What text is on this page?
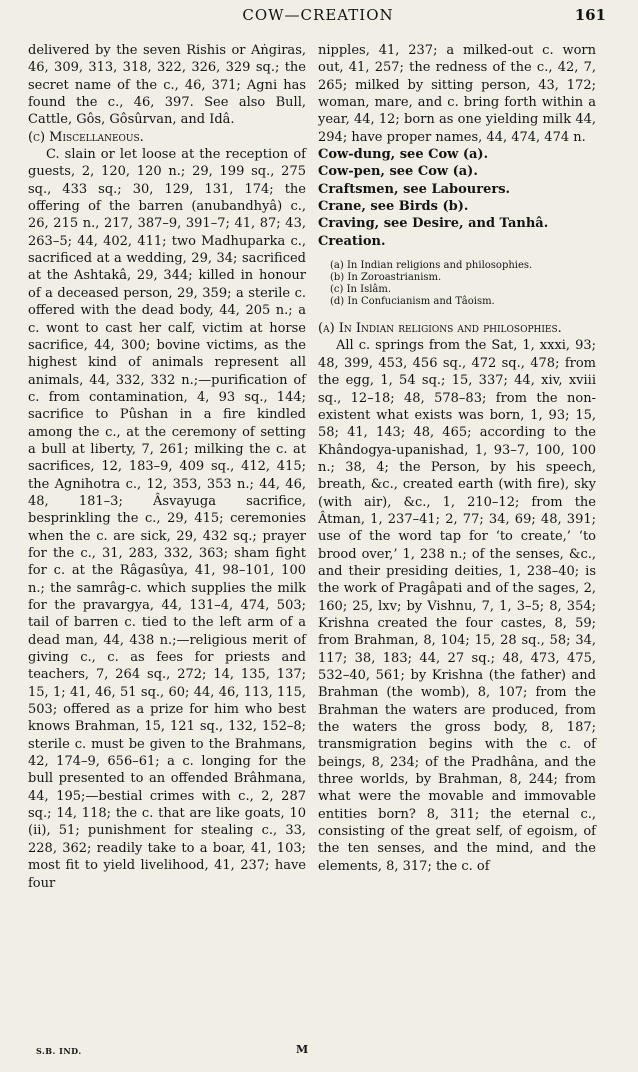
COW—CREATION	161

delivered by the seven Rishis or Aṅgiras, 46, 309, 313, 318, 322, 326, 329 sq.; the secret name of the c., 46, 371; Agni has found the c., 46, 397. See also Bull, Cattle, Gôs, Gôsûrvan, and Idâ.

(c) Miscellaneous.

C. slain or let loose at the reception of guests, 2, 120, 120 n.; 29, 199 sq., 275 sq., 433 sq.; 30, 129, 131, 174; the offering of the barren (anubandhyâ) c., 26, 215 n., 217, 387–9, 391–7; 41, 87; 43, 263–5; 44, 402, 411; two Madhuparka c., sacrificed at a wedding, 29, 34; sacrificed at the Ashtakâ, 29, 344; killed in honour of a deceased person, 29, 359; a sterile c. offered with the dead body, 44, 205 n.; a c. wont to cast her calf, victim at horse sacrifice, 44, 300; bovine victims, as the highest kind of animals represent all animals, 44, 332, 332 n.;—purification of c. from contamination, 4, 93 sq., 144; sacrifice to Pûshan in a fire kindled among the c., at the ceremony of setting a bull at liberty, 7, 261; milking the c. at sacrifices, 12, 183–9, 409 sq., 412, 415; the Agnihotra c., 12, 353, 353 n.; 44, 46, 48, 181–3; Âsvayuga sacrifice, besprinkling the c., 29, 415; ceremonies when the c. are sick, 29, 432 sq.; prayer for the c., 31, 283, 332, 363; sham fight for c. at the Râgasûya, 41, 98–101, 100 n.; the samrâg-c. which supplies the milk for the pravargya, 44, 131–4, 474, 503; tail of barren c. tied to the left arm of a dead man, 44, 438 n.;—religious merit of giving c., c. as fees for priests and teachers, 7, 264 sq., 272; 14, 135, 137; 15, 1; 41, 46, 51 sq., 60; 44, 46, 113, 115, 503; offered as a prize for him who best knows Brahman, 15, 121 sq., 132, 152–8; sterile c. must be given to the Brahmans, 42, 174–9, 656–61; a c. longing for the bull presented to an offended Brâhmana, 44, 195;—bestial crimes with c., 2, 287 sq.; 14, 118; the c. that are like goats, 10 (ii), 51; punishment for stealing c., 33, 228, 362; readily take to a boar, 41, 103; most fit to yield livelihood, 41, 237; have four

nipples, 41, 237; a milked-out c. worn out, 41, 257; the redness of the c., 42, 7, 265; milked by sitting person, 43, 172; woman, mare, and c. bring forth within a year, 44, 12; born as one yielding milk 44, 294; have proper names, 44, 474, 474 n.

Cow-dung, see Cow (a).

Cow-pen, see Cow (a).

Craftsmen, see Labourers.

Crane, see Birds (b).

Craving, see Desire, and Tanhâ.

Creation.

(a) In Indian religions and philosophies.
(b) In Zoroastrianism.
(c) In Islâm.
(d) In Confucianism and Tâoism.

(a) In Indian religions and philosophies.

All c. springs from the Sat, 1, xxxi, 93; 48, 399, 453, 456 sq., 472 sq., 478; from the egg, 1, 54 sq.; 15, 337; 44, xiv, xviii sq., 12–18; 48, 578–83; from the non-existent what exists was born, 1, 93; 15, 58; 41, 143; 48, 465; according to the Khândogya-upanishad, 1, 93–7, 100, 100 n.; 38, 4; the Person, by his speech, breath, &c., created earth (with fire), sky (with air), &c., 1, 210–12; from the Âtman, 1, 237–41; 2, 77; 34, 69; 48, 391; use of the word tap for ‘to create,’ ‘to brood over,’ 1, 238 n.; of the senses, &c., and their presiding deities, 1, 238–40; is the work of Pragâpati and of the sages, 2, 160; 25, lxv; by Vishnu, 7, 1, 3–5; 8, 354; Krishna created the four castes, 8, 59; from Brahman, 8, 104; 15, 28 sq., 58; 34, 117; 38, 183; 44, 27 sq.; 48, 473, 475, 532–40, 561; by Krishna (the father) and Brahman (the womb), 8, 107; from the Brahman the waters are produced, from the waters the gross body, 8, 187; transmigration begins with the c. of beings, 8, 234; of the Pradhâna, and the three worlds, by Brahman, 8, 244; from what were the movable and immovable entities born? 8, 311; the eternal c., consisting of the great self, of egoism, of the ten senses, and the mind, and the elements, 8, 317; the c. of

S.B. IND.	M
